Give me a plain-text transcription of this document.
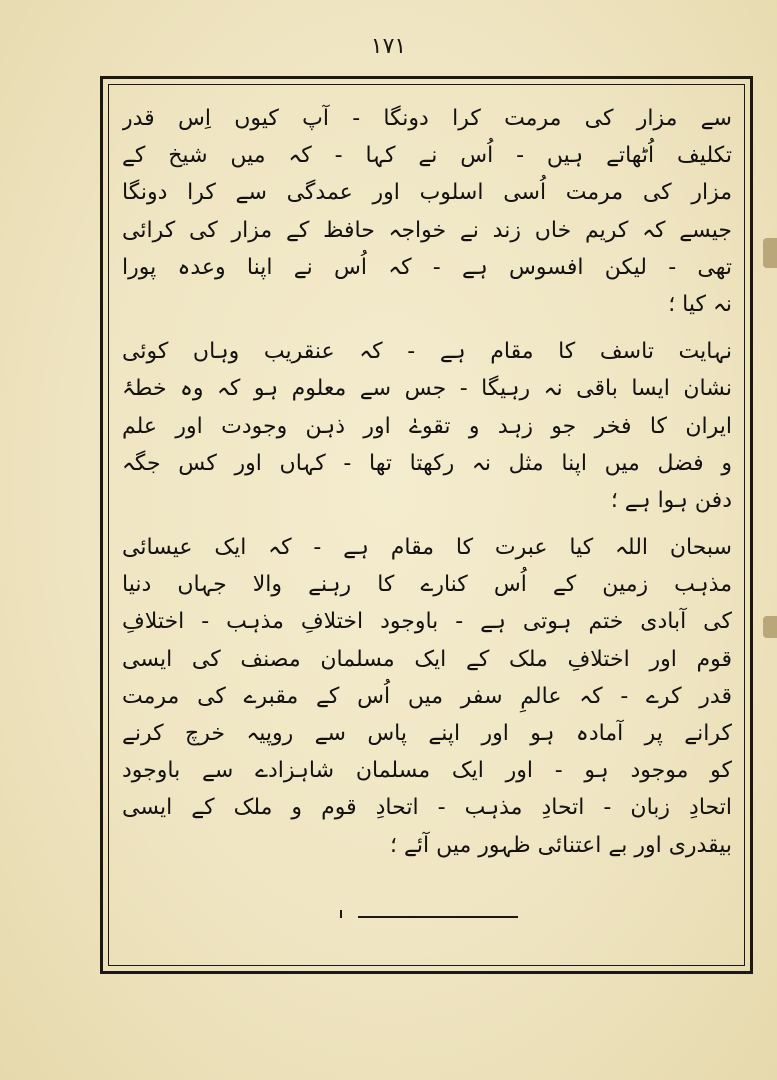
١٧١
سے مزار کی مرمت کرا دونگا - آپ کیوں اِس قدر
تکلیف اُٹھاتے ہیں - اُس نے کہا - کہ میں شیخ کے
مزار کی مرمت اُسی اسلوب اور عمدگی سے کرا دونگا
جیسے کہ کریم خاں زند نے خواجہ حافظ کے مزار کی کرائی
تھی - لیکن افسوس ہے - کہ اُس نے اپنا وعدہ پورا
نہ کیا ؛
نہایت تاسف کا مقام ہے - کہ عنقریب وہاں کوئی
نشان ایسا باقی نہ رہیگا - جس سے معلوم ہو کہ وہ خطۂ
ایران کا فخر جو زہد و تقوےٰ اور ذہن وجودت اور علم
و فضل میں اپنا مثل نہ رکھتا تھا - کہاں اور کس جگہ
دفن ہوا ہے ؛
سبحان اللہ کیا عبرت کا مقام ہے - کہ ایک عیسائی
مذہب زمین کے اُس کنارے کا رہنے والا جہاں دنیا
کی آبادی ختم ہوتی ہے - باوجود اختلافِ مذہب - اختلافِ
قوم اور اختلافِ ملک کے ایک مسلمان مصنف کی ایسی
قدر کرے - کہ عالمِ سفر میں اُس کے مقبرے کی مرمت
کرانے پر آمادہ ہو اور اپنے پاس سے روپیہ خرچ کرنے
کو موجود ہو - اور ایک مسلمان شاہزادے سے باوجود
اتحادِ زبان - اتحادِ مذہب - اتحادِ قوم و ملک کے ایسی
بیقدری اور بے اعتنائی ظہور میں آئے ؛
